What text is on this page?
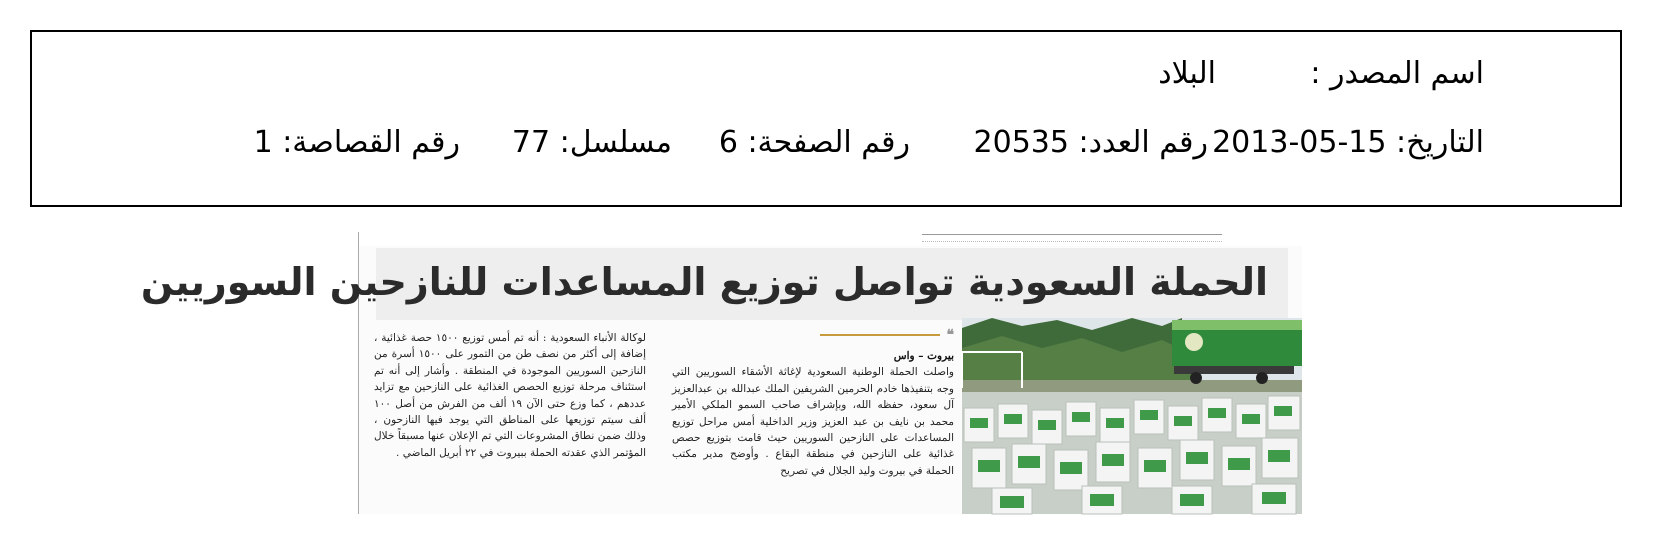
اسم المصدر :
البلاد
التاريخ: 15-05-2013
رقم العدد: 20535
رقم الصفحة: 6
مسلسل: 77
رقم القصاصة: 1
الحملة السعودية تواصل توزيع المساعدات للنازحين السوريين
❝
بيروت – واس
واصلت الحملة الوطنية السعودية لإغاثة الأشقاء السوريين التي وجه بتنفيذها خادم الحرمين الشريفين الملك عبدالله بن عبدالعزيز آل سعود، حفظه الله، وبإشراف صاحب السمو الملكي الأمير محمد بن نايف بن عبد العزيز وزير الداخلية أمس مراحل توزيع المساعدات على النازحين السوريين حيث قامت بتوزيع حصص غذائية على النازحين في منطقة البقاع . وأوضح مدير مكتب الحملة في بيروت وليد الجلال في تصريح
لوكالة الأنباء السعودية : أنه تم أمس توزيع ١٥٠٠ حصة غذائية ، إضافة إلى أكثر من نصف طن من التمور على ١٥٠٠ أسرة من النازحين السوريين الموجودة في المنطقة . وأشار إلى أنه تم استئناف مرحلة توزيع الحصص الغذائية على النازحين مع تزايد عددهم ، كما وزع حتى الآن ١٩ ألف من الفرش من أصل ١٠٠ ألف سيتم توزيعها على المناطق التي يوجد فيها النازحون ، وذلك ضمن نطاق المشروعات التي تم الإعلان عنها مسبقاً خلال المؤتمر الذي عقدته الحملة ببيروت في ٢٢ أبريل الماضي .
